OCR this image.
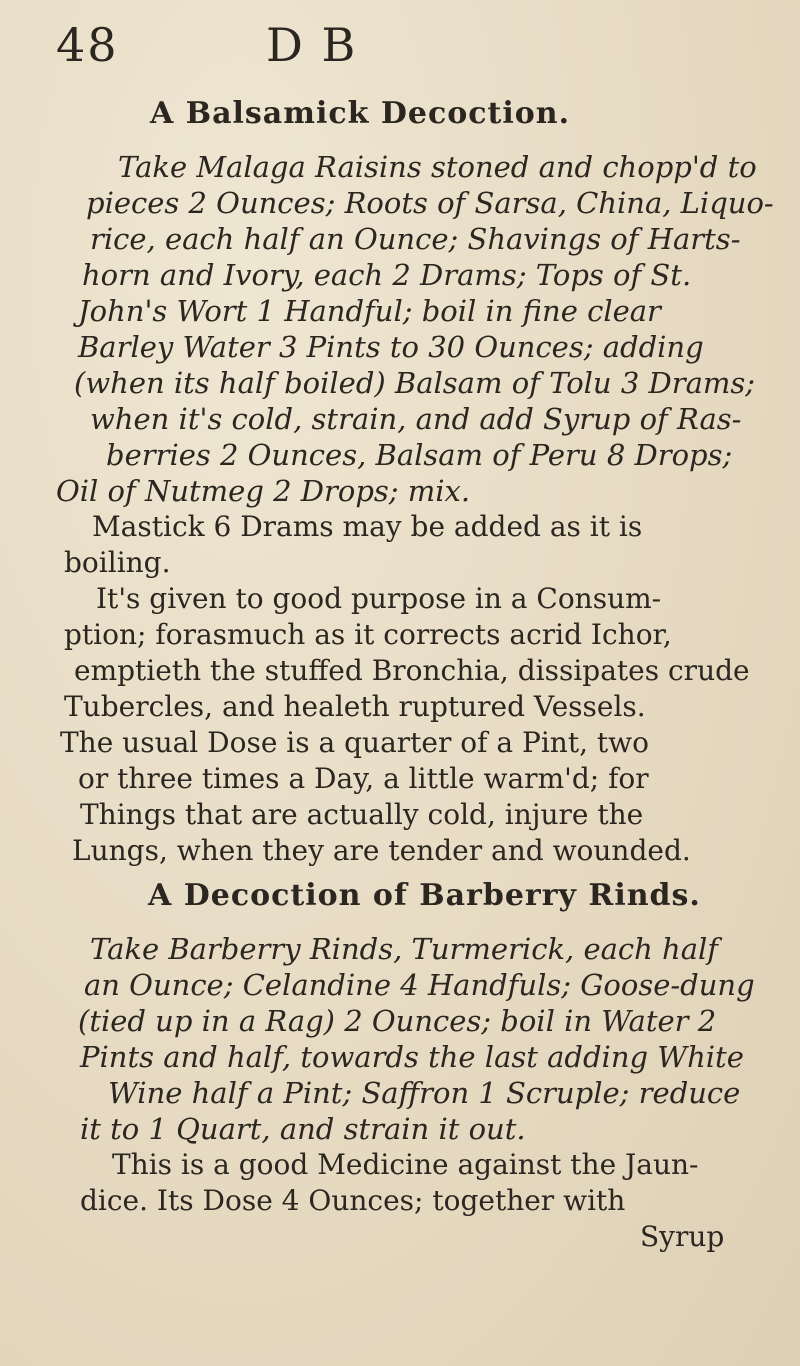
48	D B
A Balsamick Decoction.
Take Malaga Raisins stoned and chopp'd to
pieces 2 Ounces; Roots of Sarsa, China, Liquo-
rice, each half an Ounce; Shavings of Harts-
horn and Ivory, each 2 Drams; Tops of St.
John's Wort 1 Handful; boil in fine clear
Barley Water 3 Pints to 30 Ounces; adding
(when its half boiled) Balsam of Tolu 3 Drams;
when it's cold, strain, and add Syrup of Ras-
berries 2 Ounces, Balsam of Peru 8 Drops;
Oil of Nutmeg 2 Drops; mix.
Mastick 6 Drams may be added as it is
boiling.
It's given to good purpose in a Consum-
ption; forasmuch as it corrects acrid Ichor,
emptieth the stuffed Bronchia, dissipates crude
Tubercles, and healeth ruptured Vessels.
The usual Dose is a quarter of a Pint, two
or three times a Day, a little warm'd; for
Things that are actually cold, injure the
Lungs, when they are tender and wounded.
A Decoction of Barberry Rinds.
Take Barberry Rinds, Turmerick, each half
an Ounce; Celandine 4 Handfuls; Goose-dung
(tied up in a Rag) 2 Ounces; boil in Water 2
Pints and half, towards the last adding White
Wine half a Pint; Saffron 1 Scruple; reduce
it to 1 Quart, and strain it out.
This is a good Medicine against the Jaun-
dice. Its Dose 4 Ounces; together with
Syrup
